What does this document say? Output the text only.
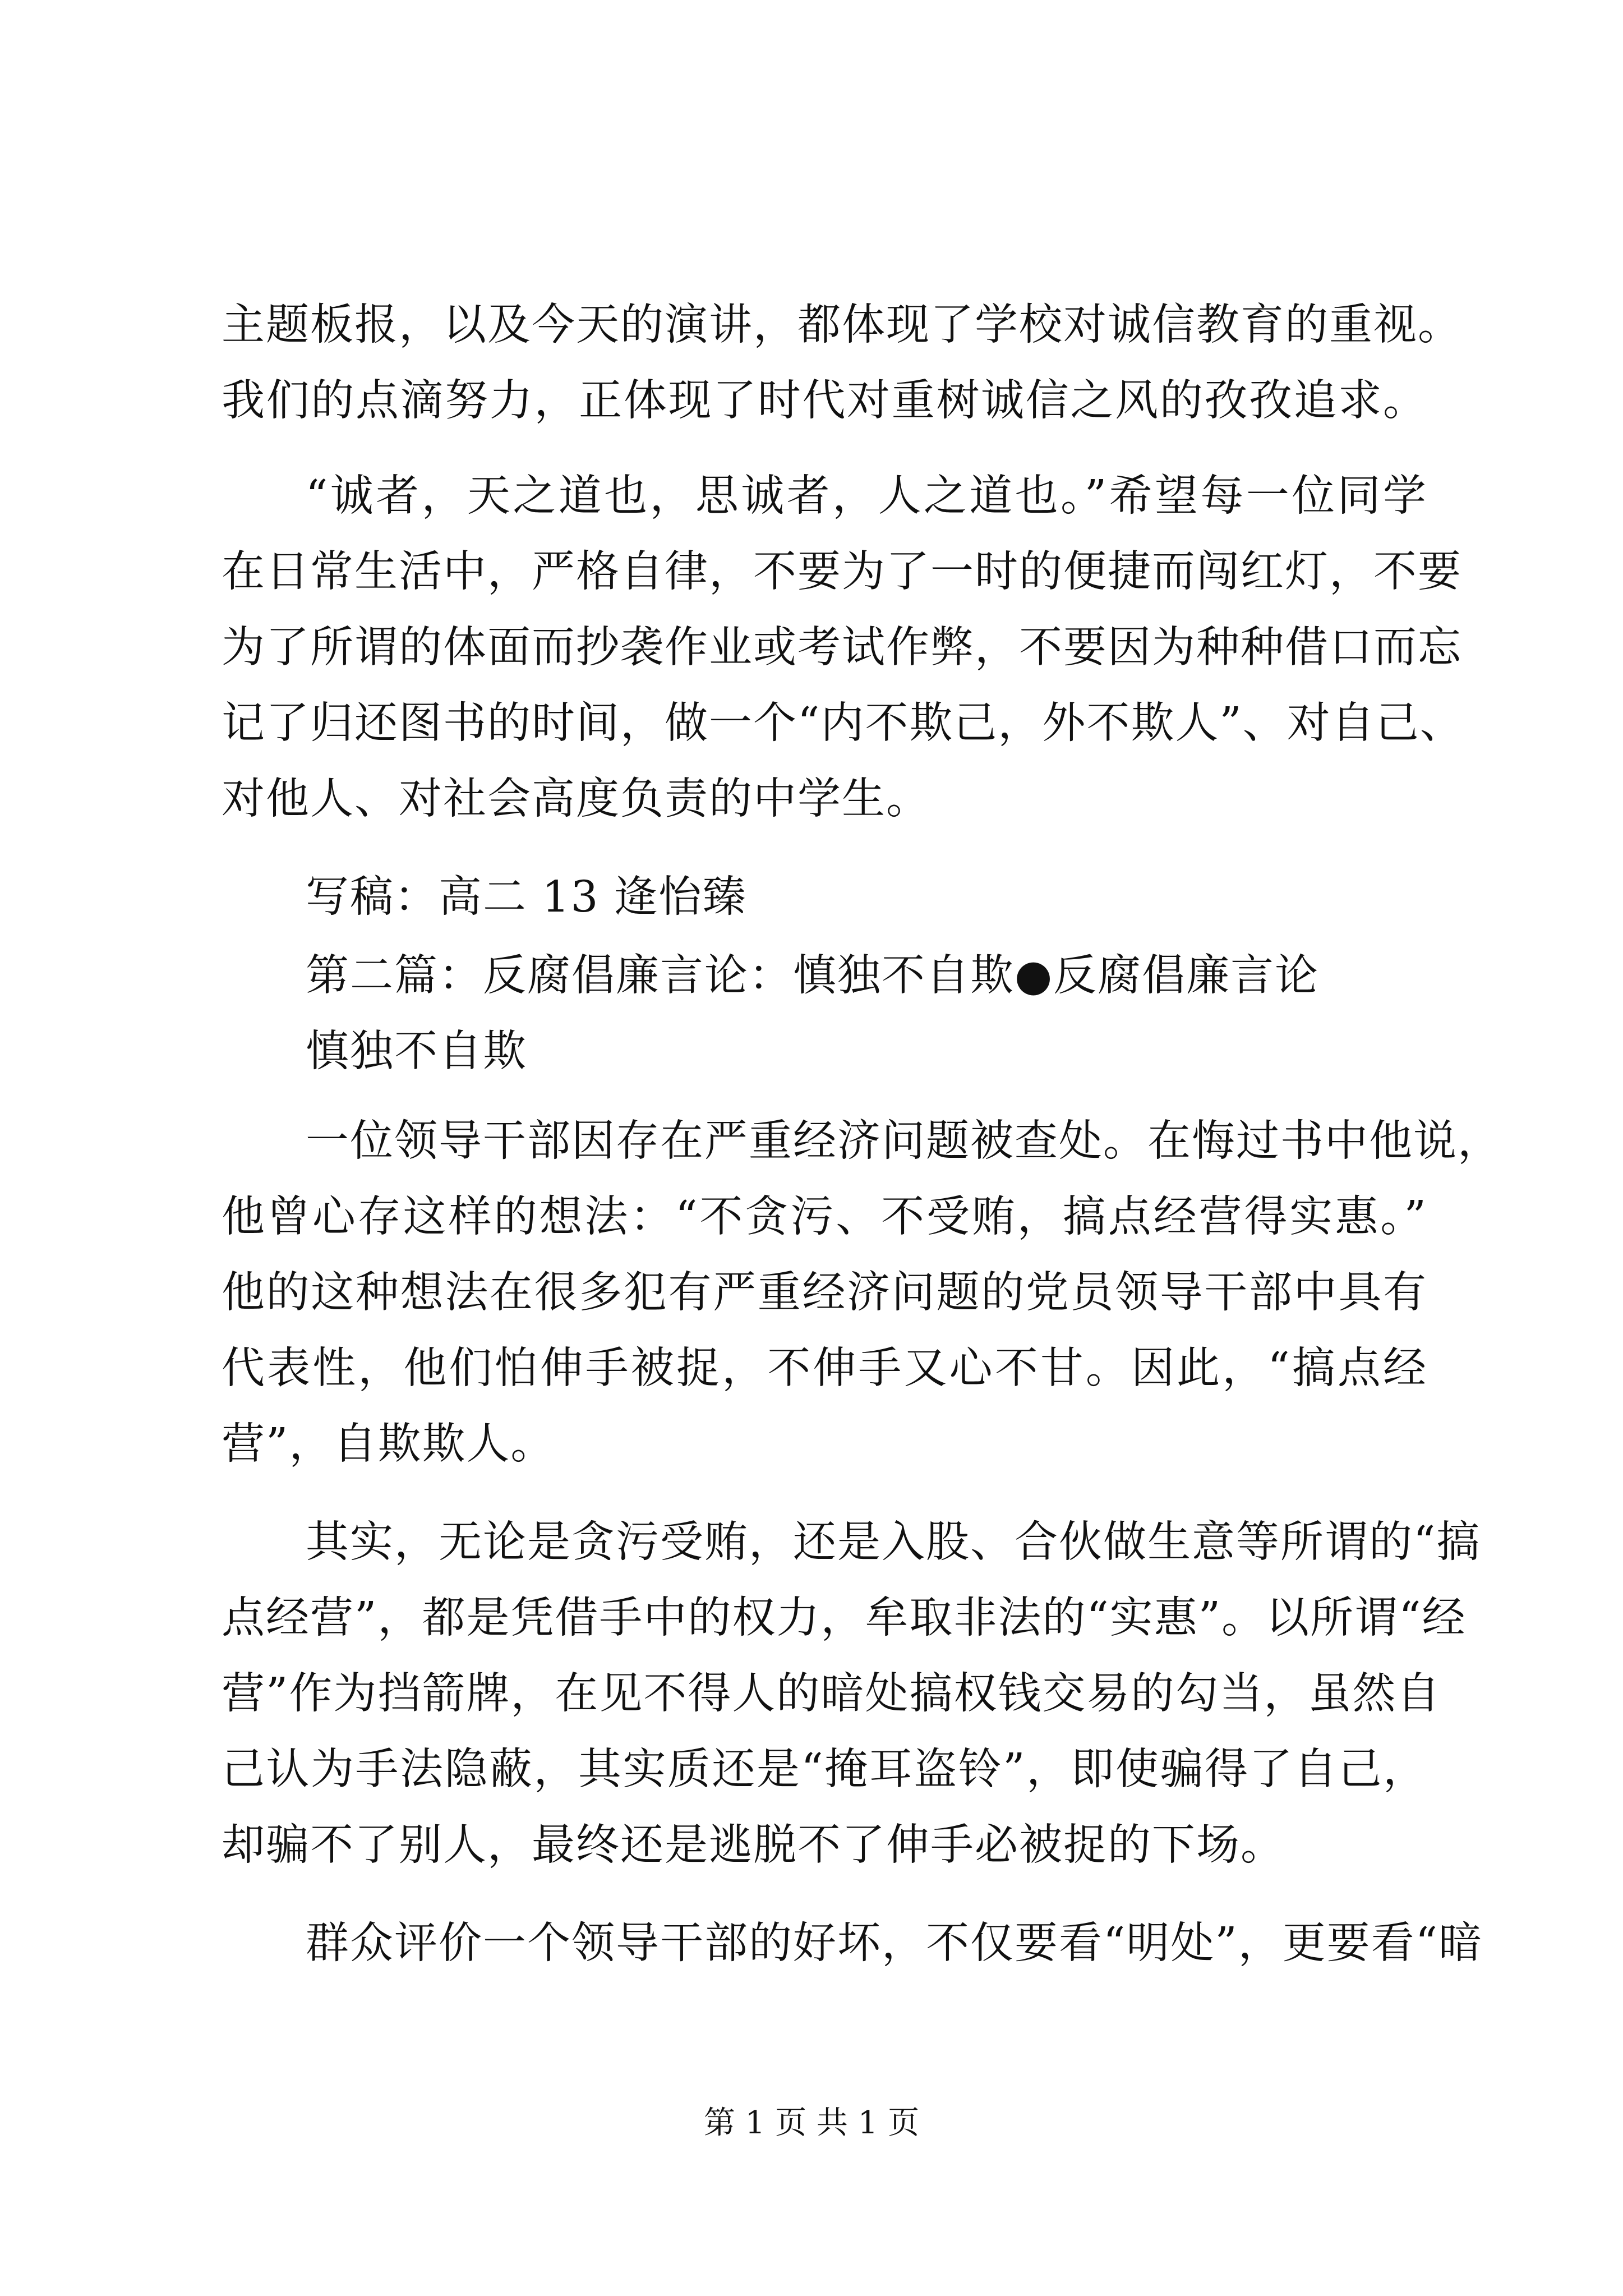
主题板报，以及今天的演讲，都体现了学校对诚信教育的重视。
我们的点滴努力，正体现了时代对重树诚信之风的孜孜追求。
“诚者，天之道也，思诚者，人之道也。”希望每一位同学
在日常生活中，严格自律，不要为了一时的便捷而闯红灯，不要
为了所谓的体面而抄袭作业或考试作弊，不要因为种种借口而忘
记了归还图书的时间，做一个“内不欺己，外不欺人”、对自己、
对他人、对社会高度负责的中学生。
写稿：高二 13 逄怡臻
第二篇：反腐倡廉言论：慎独不自欺●反腐倡廉言论
慎独不自欺
一位领导干部因存在严重经济问题被查处。在悔过书中他说，
他曾心存这样的想法：“不贪污、不受贿，搞点经营得实惠。”
他的这种想法在很多犯有严重经济问题的党员领导干部中具有
代表性，他们怕伸手被捉，不伸手又心不甘。因此，“搞点经
营”，自欺欺人。
其实，无论是贪污受贿，还是入股、合伙做生意等所谓的“搞
点经营”，都是凭借手中的权力，牟取非法的“实惠”。以所谓“经
营”作为挡箭牌，在见不得人的暗处搞权钱交易的勾当，虽然自
己认为手法隐蔽，其实质还是“掩耳盗铃”，即使骗得了自己，
却骗不了别人，最终还是逃脱不了伸手必被捉的下场。
群众评价一个领导干部的好坏，不仅要看“明处”，更要看“暗
第 1 页 共 1 页
